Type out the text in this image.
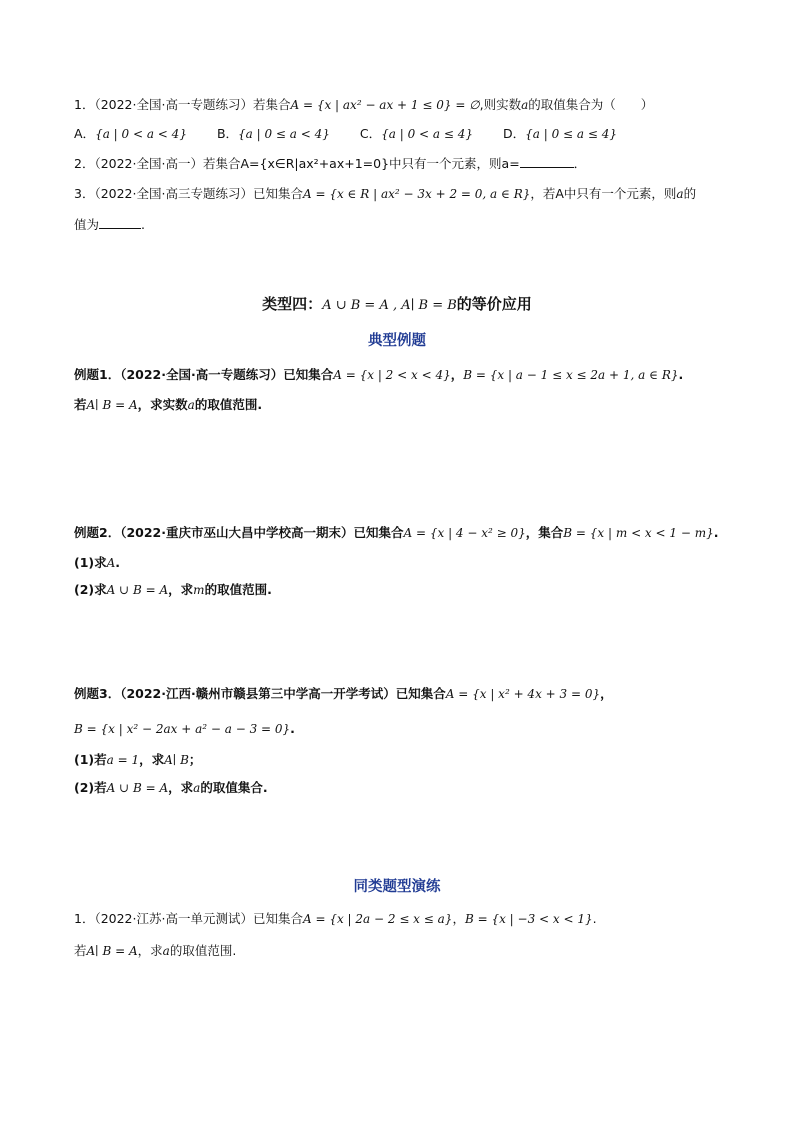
1．（2022·全国·高一专题练习）若集合A = {x | ax² − ax + 1 ≤ 0} = ∅,则实数a的取值集合为（　　）
A．{a | 0 < a < 4} B．{a | 0 ≤ a < 4} C．{a | 0 < a ≤ 4} D．{a | 0 ≤ a ≤ 4}
2．（2022·全国·高一）若集合A={x∈R|ax²+ax+1=0}中只有一个元素，则a=	．
3．（2022·全国·高三专题练习）已知集合A = {x ∈ R | ax² − 3x + 2 = 0, a ∈ R}，若A中只有一个元素，则a的
值为	.
类型四：A ∪ B = A , A∣ B = B的等价应用
典型例题
例题1．（2022·全国·高一专题练习）已知集合A = {x | 2 < x < 4}，B = {x | a − 1 ≤ x ≤ 2a + 1, a ∈ R}.
若A∣ B = A，求实数a的取值范围.
例题2．（2022·重庆市巫山大昌中学校高一期末）已知集合A = {x | 4 − x² ≥ 0}，集合B = {x | m < x < 1 − m}.
(1)求A.
(2)求A ∪ B = A，求m的取值范围.
例题3．（2022·江西·赣州市赣县第三中学高一开学考试）已知集合A = {x | x² + 4x + 3 = 0}，
B = {x | x² − 2ax + a² − a − 3 = 0}.
(1)若a = 1，求A∣ B；
(2)若A ∪ B = A，求a的取值集合.
同类题型演练
1．（2022·江苏·高一单元测试）已知集合A = {x | 2a − 2 ≤ x ≤ a}，B = {x | −3 < x < 1}.
若A∣ B = A，求a的取值范围.
